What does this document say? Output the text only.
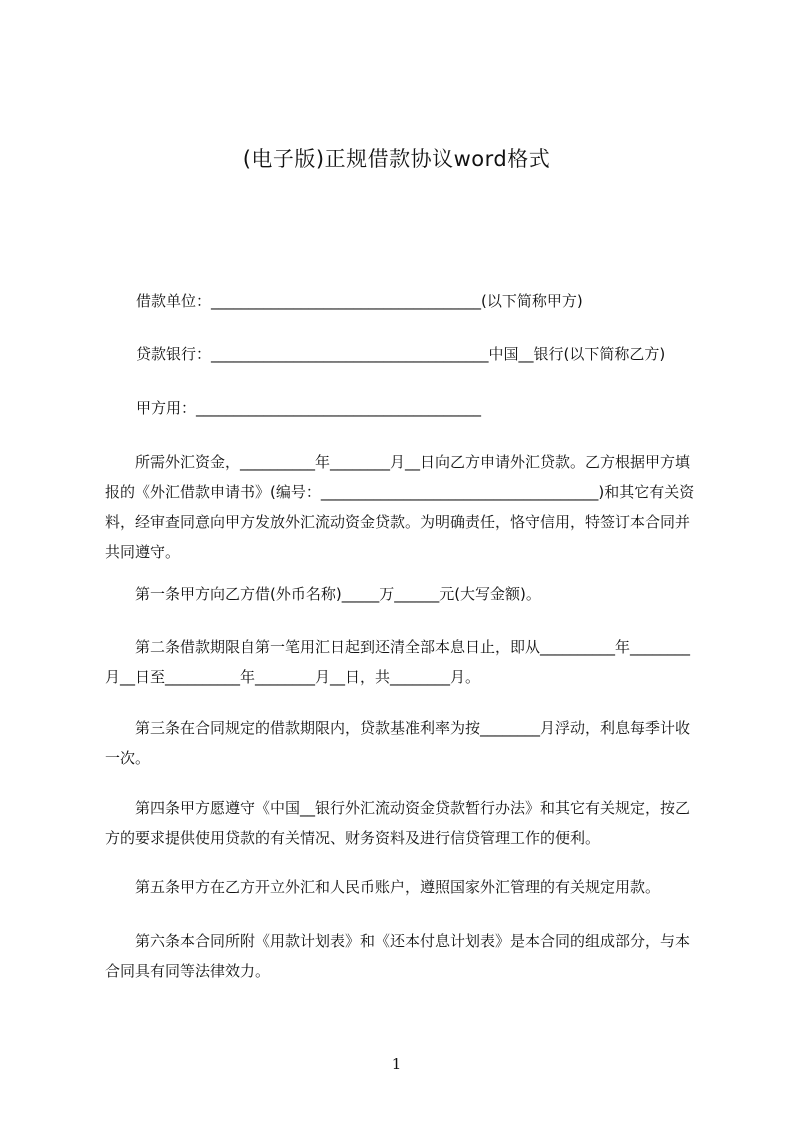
(电子版)正规借款协议word格式
借款单位：____________________________________(以下简称甲方)
贷款银行：_____________________________________中国__银行(以下简称乙方)
甲方用：______________________________________
所需外汇资金，__________年________月__日向乙方申请外汇贷款。乙方根据甲方填报的《外汇借款申请书》(编号：_____________________________________)和其它有关资料，经审查同意向甲方发放外汇流动资金贷款。为明确责任，恪守信用，特签订本合同并共同遵守。
第一条甲方向乙方借(外币名称)_____万______元(大写金额)。
第二条借款期限自第一笔用汇日起到还清全部本息日止，即从__________年________月__日至__________年________月__日，共________月。
第三条在合同规定的借款期限内，贷款基准利率为按________月浮动，利息每季计收一次。
第四条甲方愿遵守《中国__银行外汇流动资金贷款暂行办法》和其它有关规定，按乙方的要求提供使用贷款的有关情况、财务资料及进行信贷管理工作的便利。
第五条甲方在乙方开立外汇和人民币账户，遵照国家外汇管理的有关规定用款。
第六条本合同所附《用款计划表》和《还本付息计划表》是本合同的组成部分，与本合同具有同等法律效力。
1
